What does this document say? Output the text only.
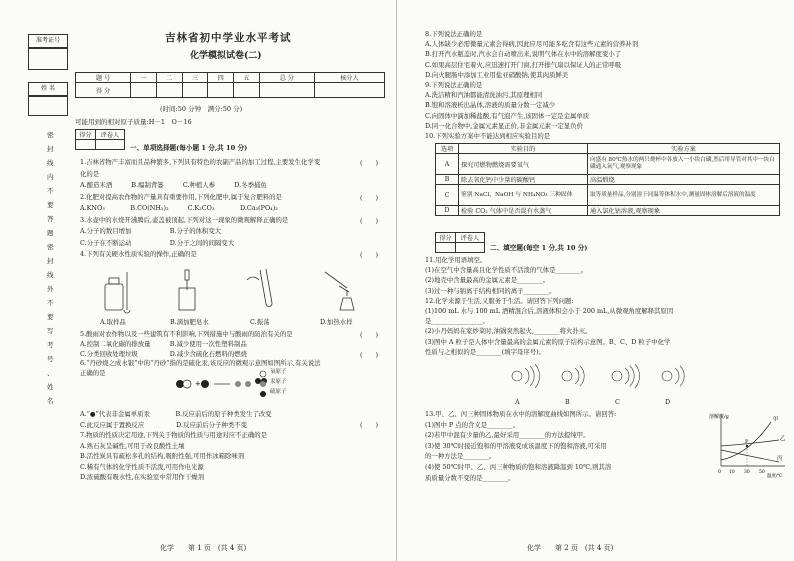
准考证号
姓 名
密
封
线
内
不
要
答
题
密
封
线
外
不
要
写
考
号
、
姓
名
吉林省初中学业水平考试
化学模拟试卷(二)
题 号	一	二	三	四	五	总 分	核分人
得 分							
(时间:50 分钟　满分:50 分)
可能用到的相对原子质量:H－1　O－16
得分	评卷人

一、单项选择题(每小题 1 分,共 10 分)
1.吉林省物产丰富而且品种繁多,下列具有特色的农副产品的加工过程,主要发生化学变
化的是
A.酿造米酒　　　B.编制背篓　　　C.种植人参　　　D.冬季捕鱼
2.化肥对提高农作物的产量具有重要作用,下列化肥中,属于复合肥料的是
A.KNO₃　　　　B.CO(NH₂)₂　　　C.K₂CO₃　　　　D.Ca₃(PO₄)₂
3.水壶中的水烧开沸腾后,壶盖被顶起,下列对这一现象的微观解释正确的是
A.分子的数目增加　　　　　　B.分子的体积变大
C.分子在不断运动　　　　　　D.分子之间的间隔变大
4.下列有关硬水性质实验的操作,正确的是
A.取样品	B.滴加肥皂水	C.振荡	D.加热水样
5.酸雨对农作物以及一些建筑有不利影响,下列措施中与酸雨的防治有关的是
A.控制二氧化碳的排放量　　　B.减少使用一次性塑料制品
C.分类回收处理垃圾　　　　　D.减少含硫化石燃料的燃烧
6.“丹砂烧之成水银”中的“丹砂”指的是硫化汞,该反应的微观示意图如图所示,有关说法
正确的是
+
氧原子
汞原子
硫原子
A.“●”代表非金属单质汞　　　　B.反应前后的原子种类发生了改变
C.此反应属于置换反应　　　　　D.反应前后分子种类不变
7.物质的性质决定用途,下列关于物质的性质与用途对应不正确的是
A.熟石灰呈碱性,可用于改良酸性土壤
B.活性炭具有疏松多孔的结构,吸附性强,可用作冰箱除味剂
C.稀有气体的化学性质不活泼,可用作电光源
D.浓硫酸有吸水性,在实验室中常用作干燥剂
化学　　第 1 页　(共 4 页)
(　　)
(　　)
(　　)
(　　)
(　　)
(　　)
(　　)
8.下列说法正确的是
A.人体缺少必需微量元素会得病,因此应尽可能多吃含有这些元素的营养补剂
B.打开汽水瓶盖时,汽水会自动喷出来,说明气体在水中的溶解度变小了
C.如果高层住宅着火,应迅速打开门窗,打开排气扇以保证人的正常呼吸
D.向火腿肠中添加工业用盐亚硝酸钠,使其肉质鲜美
9.下列说法正确的是
A.洗洁精和汽油都能清洗油污,其原理相同
B.饱和溶液析出晶体,溶液的质量分数一定减少
C.向固体中滴加稀盐酸,有气泡产生,该固体一定是金属单质
D.同一化合物中,金属元素显正价,非金属元素一定显负价
10.下列实验方案中不能达到相应实验目的是
选项	实验目的	实验方案
A	探究可燃物燃烧需要氧气	向盛有 80℃热水的两只烧杯中各放入一小块白磷,然后用导管对其中一块白磷通入氧气,观察现象
B	除去氧化钙中少量的碳酸钙	高温煅烧
C	鉴别 NaCl、NaOH 与 NH₄NO₃ 三种固体	取等质量样品,分别溶于同温等体积水中,测量固体溶解后溶液的温度
D	检验 CO₂ 气体中是否混有水蒸气	通入氯化钴溶液,观察现象
得分	评卷人

二、填空题(每空 1 分,共 10 分)
11.用化学用语填空。
(1)在空气中含量高且化学性质不活泼的气体是________。
(2)地壳中含量最高的金属元素是________。
(3)过一种与钠离子结构相同的离子________。
12.化学来源于生活,又服务于生活。请回答下列问题:
(1)100 mL 水与 100 mL 酒精混合后,溶液体积会小于 200 mL,从微观角度解释其原因
是________________。
(2)小丹妈妈在家炒菜时,油锅突然起火,________将火扑灭。
(3)图中 A 粒子是人体中含量最高的金属元素的原子结构示意图。B、C、D 粒子中化学
性质与之相似的是________(填字母序号)。
A	B	C	D
13.甲、乙、丙三种固体物质在水中的溶解度曲线如图所示。请回答:
(1)图中 P 点的含义是________。
(2)若甲中混有少量的乙,最好采用________的方法提纯甲。
(3)使 30℃时接近饱和的甲溶液变成该温度下的饱和溶液,可采用
的一种方法是________。
(4)使 50℃时甲、乙、丙三种物质的饱和溶液降温到 10℃,则其溶
质质量分数不变的是________。
溶解度/g	甲
乙
丙
P
0 10 30 50
温度/℃
化学　　第 2 页　(共 4 页)
